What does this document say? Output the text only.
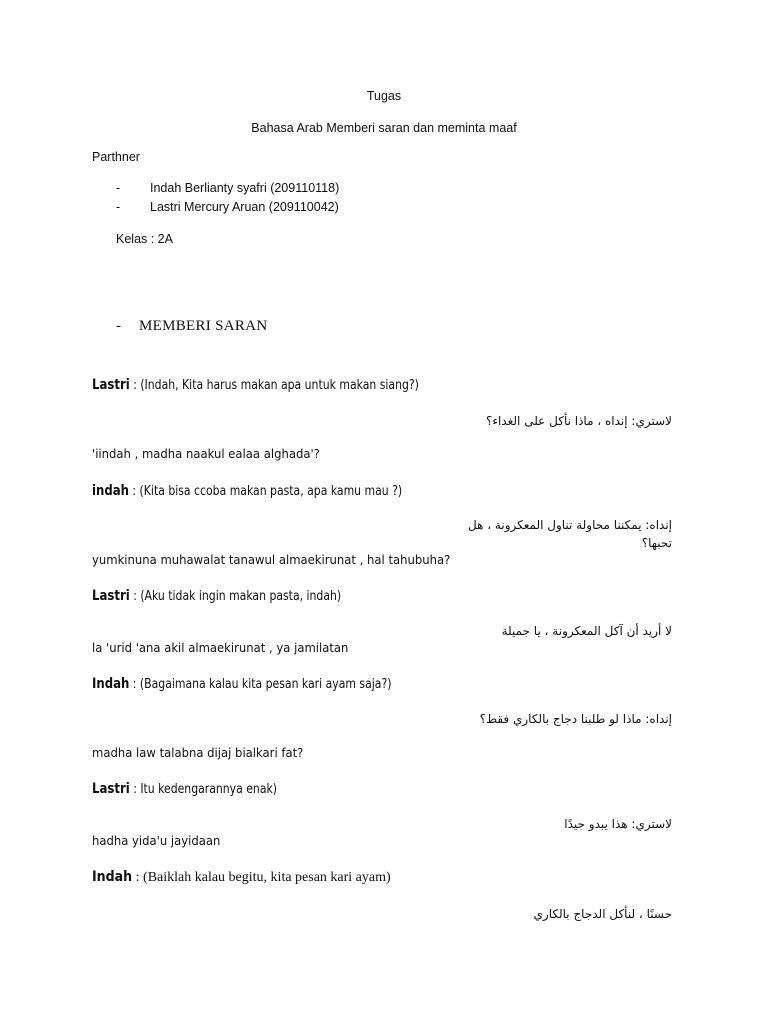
Tugas
Bahasa Arab Memberi saran dan meminta maaf
Parthner
- Indah Berlianty syafri (209110118)
- Lastri Mercury Aruan (209110042)
Kelas : 2A
- MEMBERI SARAN
Lastri : (Indah, Kita harus makan apa untuk makan siang?)
لاستري: إنداه ، ماذا نأكل على الغداء؟
'iindah , madha naakul ealaa alghada'?
indah : (Kita bisa ccoba makan pasta, apa kamu mau ?)
إنداه: يمكننا محاولة تناول المعكرونة ، هل تحبها؟
yumkinuna muhawalat tanawul almaekirunat , hal tahubuha?
Lastri : (Aku tidak ingin makan pasta, indah)
لا أريد أن آكل المعكرونة ، يا جميلة
la 'urid 'ana akil almaekirunat , ya jamilatan
Indah : (Bagaimana kalau kita pesan kari ayam saja?)
إنداه: ماذا لو طلبنا دجاج بالكاري فقط؟
madha law talabna dijaj bialkari fat?
Lastri : Itu kedengarannya enak)
لاستري: هذا يبدو جيدًا
hadha yida'u jayidaan
Indah : (Baiklah kalau begitu, kita pesan kari ayam)
حسنًا ، لنأكل الدجاج بالكاري
